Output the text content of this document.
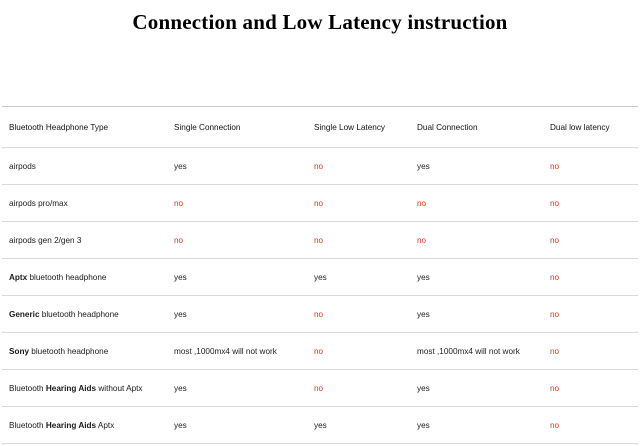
Connection and Low Latency instruction
Bluetooth Headphone Type	Single Connection	Single Low Latency	Dual Connection	Dual low latency
airpods	yes	no	yes	no
airpods pro/max	no	no	no	no
airpods gen 2/gen 3	no	no	no	no
Aptx bluetooth headphone	yes	yes	yes	no
Generic bluetooth headphone	yes	no	yes	no
Sony bluetooth headphone	most ,1000mx4 will not work	no	most ,1000mx4 will not work	no
Bluetooth Hearing Aids without Aptx	yes	no	yes	no
Bluetooth Hearing Aids Aptx	yes	yes	yes	no
